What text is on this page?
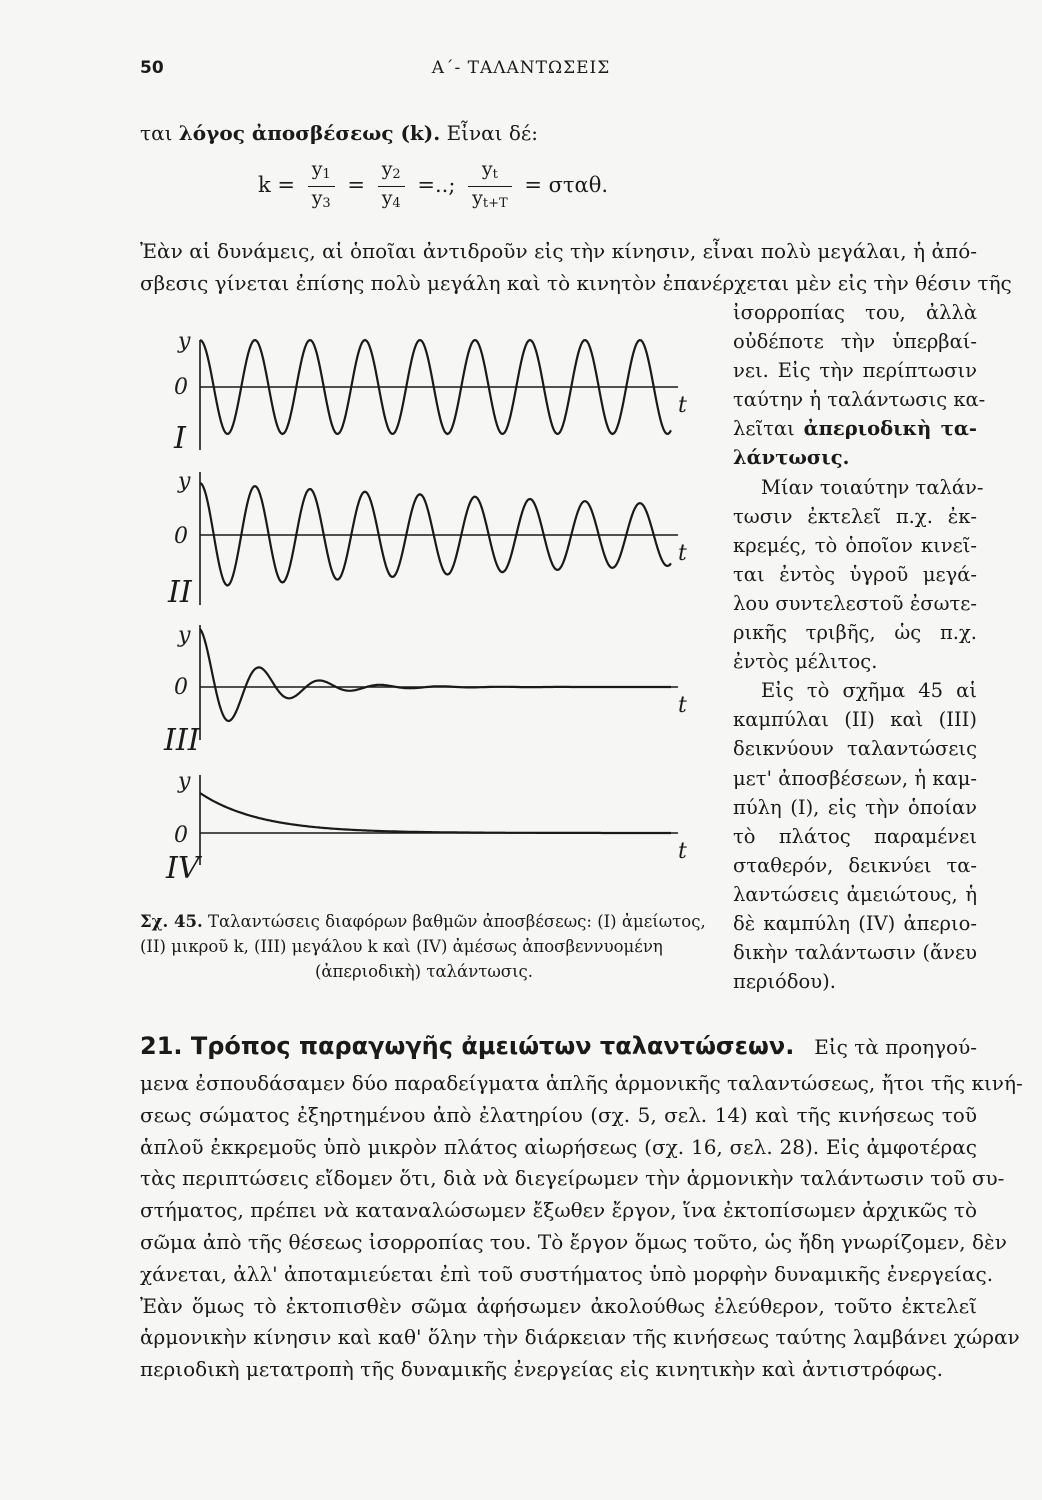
Α΄- ΤΑΛΑΝΤΩΣΕΙΣ
50
ται λόγος ἀποσβέσεως (k). Εἶναι δέ:
$k = \frac{y_1}{y_3} = \frac{y_2}{y_4}$ =..; $\frac{y_t}{y_{t+T}} = \sigma\tau\alpha\theta$.
Ἐὰν αἱ δυνάμεις, αἱ ὁποῖαι ἀντιδροῦν εἰς τὴν κίνησιν, εἶναι πολὺ μεγάλαι, ἡ ἀπό-
σβεσις γίνεται ἐπίσης πολὺ μεγάλη καὶ τὸ κινητὸν ἐπανέρχεται μὲν εἰς τὴν θέσιν τῆς
ἰσορροπίας του, ἀλλὰ
οὐδέποτε τὴν ὑπερβαί-
νει. Εἰς τὴν περίπτωσιν
ταύτην ἡ ταλάντωσις κα-
λεῖται ἀπεριοδικὴ τα-
λάντωσις.
Μίαν τοιαύτην ταλάν-
τωσιν ἐκτελεῖ π.χ. ἐκ-
κρεμές, τὸ ὁποῖον κινεῖ-
ται ἐντὸς ὑγροῦ μεγά-
λου συντελεστοῦ ἐσωτε-
ρικῆς τριβῆς, ὡς π.χ.
ἐντὸς μέλιτος.
Εἰς τὸ σχῆμα 45 αἱ
καμπύλαι (ΙΙ) καὶ (ΙΙΙ)
δεικνύουν ταλαντώσεις
μετ' ἀποσβέσεων, ἡ καμ-
πύλη (Ι), εἰς τὴν ὁποίαν
τὸ πλάτος παραμένει
σταθερόν, δεικνύει τα-
λαντώσεις ἀμειώτους, ἡ
δὲ καμπύλη (IV) ἀπεριο-
δικὴν ταλάντωσιν (ἄνευ
περιόδου).
y
0
t
I
y
0
t
II
y
0
t
III
y
0
t
IV
Σχ. 45. Ταλαντώσεις διαφόρων βαθμῶν ἀποσβέσεως: (Ι) ἀμείωτος,
(ΙΙ) μικροῦ k, (ΙΙΙ) μεγάλου k καὶ (IV) ἀμέσως ἀποσβεννυομένη
(ἀπεριοδικὴ) ταλάντωσις.
21. Τρόπος παραγωγῆς ἀμειώτων ταλαντώσεων. Εἰς τὰ προηγού-
μενα ἐσπουδάσαμεν δύο παραδείγματα ἁπλῆς ἁρμονικῆς ταλαντώσεως, ἤτοι τῆς κινή-
σεως σώματος ἐξηρτημένου ἀπὸ ἐλατηρίου (σχ. 5, σελ. 14) καὶ τῆς κινήσεως τοῦ
ἁπλοῦ ἐκκρεμοῦς ὑπὸ μικρὸν πλάτος αἰωρήσεως (σχ. 16, σελ. 28). Εἰς ἀμφοτέρας
τὰς περιπτώσεις εἴδομεν ὅτι, διὰ νὰ διεγείρωμεν τὴν ἁρμονικὴν ταλάντωσιν τοῦ συ-
στήματος, πρέπει νὰ καταναλώσωμεν ἔξωθεν ἔργον, ἵνα ἐκτοπίσωμεν ἀρχικῶς τὸ
σῶμα ἀπὸ τῆς θέσεως ἰσορροπίας του. Τὸ ἔργον ὅμως τοῦτο, ὡς ἤδη γνωρίζομεν, δὲν
χάνεται, ἀλλ' ἀποταμιεύεται ἐπὶ τοῦ συστήματος ὑπὸ μορφὴν δυναμικῆς ἐνεργείας.
Ἐὰν ὅμως τὸ ἐκτοπισθὲν σῶμα ἀφήσωμεν ἀκολούθως ἐλεύθερον, τοῦτο ἐκτελεῖ
ἁρμονικὴν κίνησιν καὶ καθ' ὅλην τὴν διάρκειαν τῆς κινήσεως ταύτης λαμβάνει χώραν
περιοδικὴ μετατροπὴ τῆς δυναμικῆς ἐνεργείας εἰς κινητικὴν καὶ ἀντιστρόφως.
